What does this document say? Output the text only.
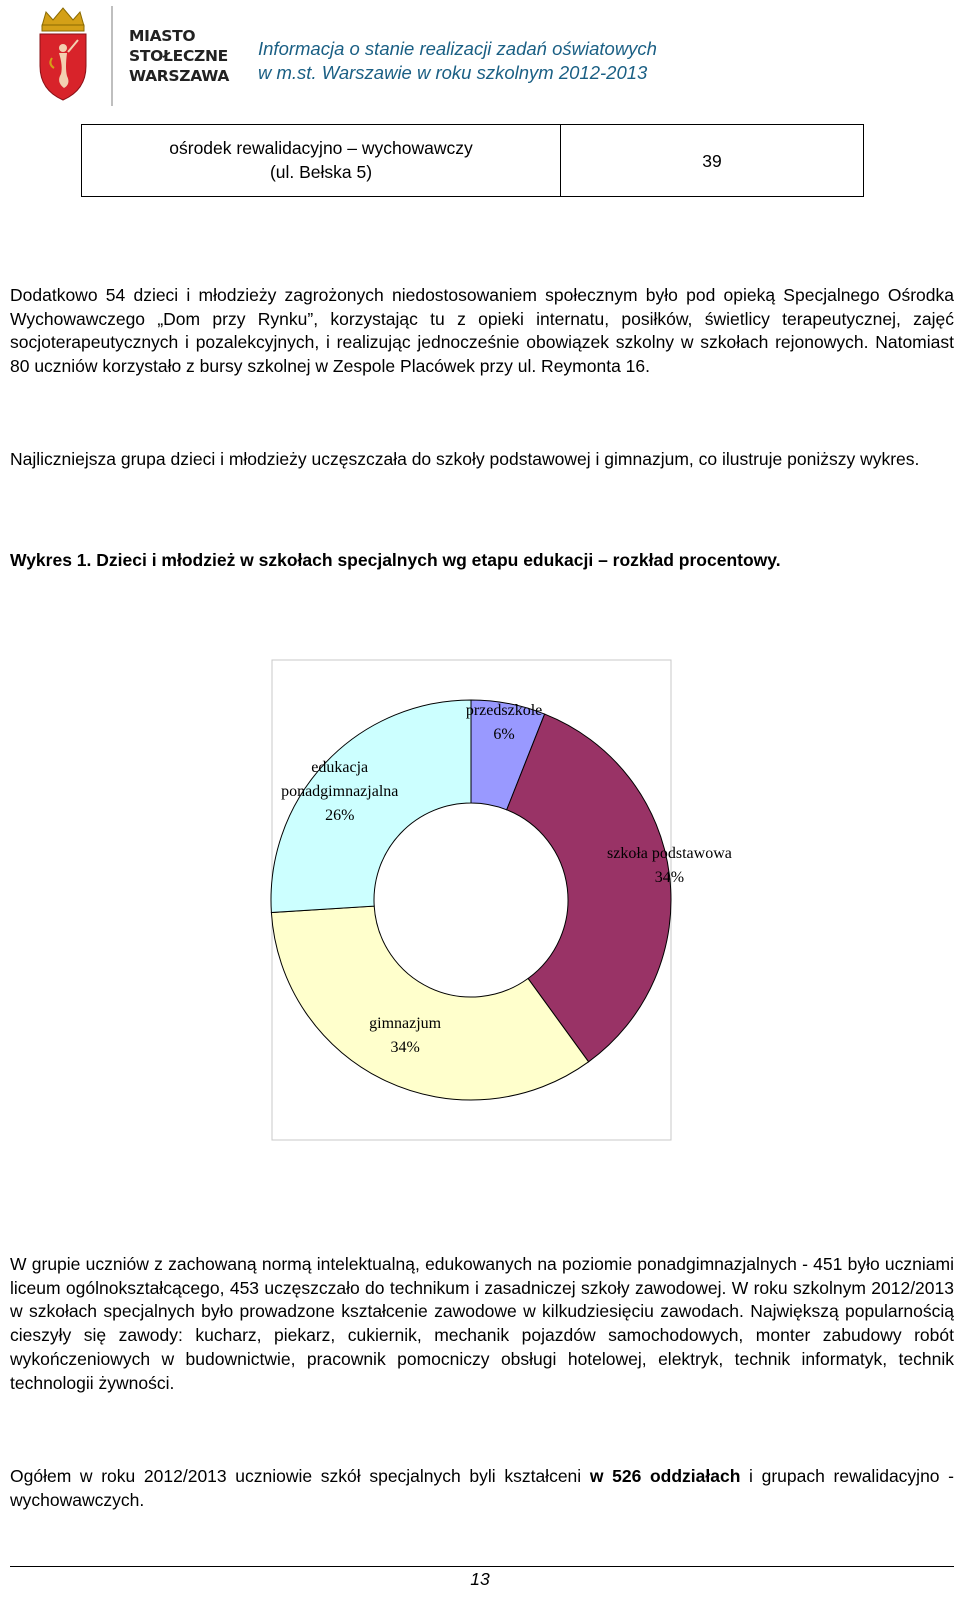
MIASTO
STOŁECZNE
WARSZAWA
Informacja o stanie realizacji zadań oświatowych
w m.st. Warszawie w roku szkolnym 2012-2013
ośrodek rewalidacyjno – wychowawczy
(ul. Bełska 5)
39
Dodatkowo 54 dzieci i młodzieży zagrożonych niedostosowaniem społecznym było pod opieką Specjalnego Ośrodka Wychowawczego „Dom przy Rynku”, korzystając tu z opieki internatu, posiłków, świetlicy terapeutycznej, zajęć socjoterapeutycznych i pozalekcyjnych, i realizując jednocześnie obowiązek szkolny w szkołach rejonowych. Natomiast 80 uczniów korzystało z bursy szkolnej w Zespole Placówek przy ul. Reymonta 16.
Najliczniejsza grupa dzieci i młodzieży uczęszczała do szkoły podstawowej i gimnazjum, co ilustruje poniższy wykres.
Wykres 1. Dzieci i młodzież w szkołach specjalnych wg etapu edukacji – rozkład procentowy.
przedszkole
6%
szkoła podstawowa
34%
gimnazjum
34%
edukacja
ponadgimnazjalna
26%
W grupie uczniów z zachowaną normą intelektualną, edukowanych na poziomie ponadgimnazjalnych - 451 było uczniami liceum ogólnokształcącego, 453 uczęszczało do technikum i zasadniczej szkoły zawodowej. W roku szkolnym 2012/2013 w szkołach specjalnych było prowadzone kształcenie zawodowe w kilkudziesięciu zawodach. Największą popularnością cieszyły się zawody: kucharz, piekarz, cukiernik, mechanik pojazdów samochodowych, monter zabudowy robót wykończeniowych w budownictwie, pracownik pomocniczy obsługi hotelowej, elektryk, technik informatyk, technik technologii żywności.
Ogółem w roku 2012/2013 uczniowie szkół specjalnych byli kształceni w 526 oddziałach i grupach rewalidacyjno - wychowawczych.
13
